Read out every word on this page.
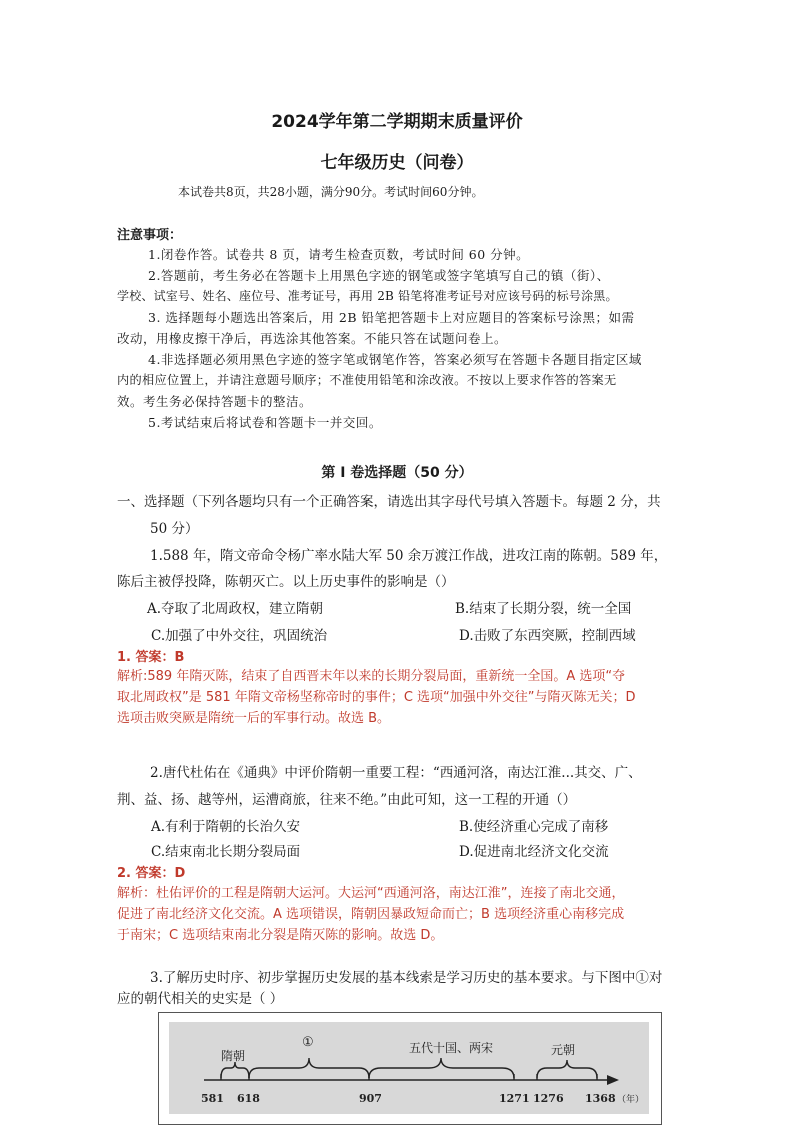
2024学年第二学期期末质量评价
七年级历史（问卷）
本试卷共8页，共28小题，满分90分。考试时间60分钟。
注意事项：
1.闭卷作答。试卷共 8 页，请考生检查页数，考试时间 60 分钟。
2.答题前，考生务必在答题卡上用黑色字迹的钢笔或签字笔填写自己的镇（街）、
学校、试室号、姓名、座位号、准考证号，再用 2B 铅笔将准考证号对应该号码的标号涂黑。
3. 选择题每小题选出答案后，用 2B 铅笔把答题卡上对应题目的答案标号涂黑；如需
改动，用橡皮擦干净后，再选涂其他答案。不能只答在试题问卷上。
4.非选择题必须用黑色字迹的签字笔或钢笔作答，答案必须写在答题卡各题目指定区域
内的相应位置上，并请注意题号顺序；不准使用铅笔和涂改液。不按以上要求作答的答案无
效。考生务必保持答题卡的整洁。
5.考试结束后将试卷和答题卡一并交回。
第 I 卷选择题（50 分）
一、选择题（下列各题均只有一个正确答案，请选出其字母代号填入答题卡。每题 2 分，共
50 分）
1.588 年，隋文帝命令杨广率水陆大军 50 余万渡江作战，进攻江南的陈朝。589 年，
陈后主被俘投降，陈朝灭亡。以上历史事件的影响是（）
A.夺取了北周政权，建立隋朝	B.结束了长期分裂，统一全国
C.加强了中外交往，巩固统治	D.击败了东西突厥，控制西域
1. 答案：B
解析:589 年隋灭陈，结束了自西晋末年以来的长期分裂局面，重新统一全国。A 选项“夺
取北周政权”是 581 年隋文帝杨坚称帝时的事件；C 选项“加强中外交往”与隋灭陈无关；D
选项击败突厥是隋统一后的军事行动。故选 B。
2.唐代杜佑在《通典》中评价隋朝一重要工程：“西通河洛，南达江淮...其交、广、
荆、益、扬、越等州，运漕商旅，往来不绝。”由此可知，这一工程的开通（）
A.有利于隋朝的长治久安	B.使经济重心完成了南移
C.结束南北长期分裂局面	D.促进南北经济文化交流
2. 答案：D
解析：杜佑评价的工程是隋朝大运河。大运河“西通河洛，南达江淮”，连接了南北交通，
促进了南北经济文化交流。A 选项错误，隋朝因暴政短命而亡；B 选项经济重心南移完成
于南宋；C 选项结束南北分裂是隋灭陈的影响。故选 D。
3.了解历史时序、初步掌握历史发展的基本线索是学习历史的基本要求。与下图中①对
应的朝代相关的史实是（ ）
隋朝
①	五代十国、两宋	元朝
581 618	907	1271 1276 1368 （年）
